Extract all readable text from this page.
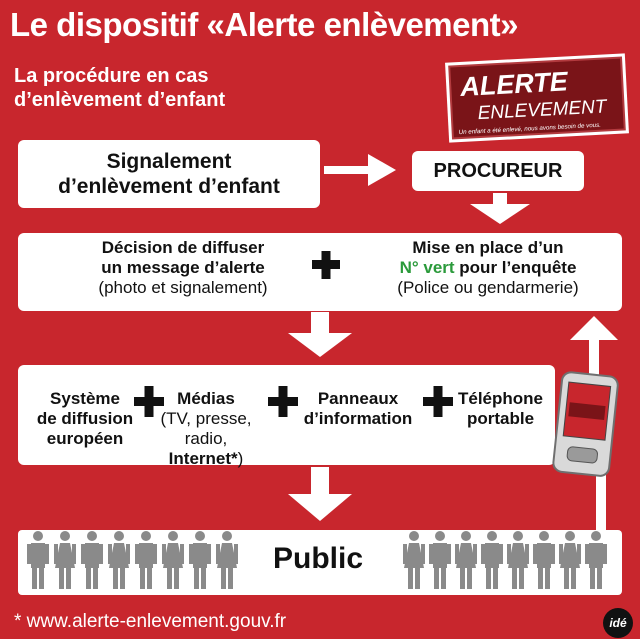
Le dispositif «Alerte enlèvement»
La procédure en cas
d’enlèvement d’enfant	ALERTE
ENLEVEMENT
Un enfant a été enlevé, nous avons besoin de vous.
Signalement
d’enlèvement d’enfant
PROCUREUR
Décision de diffuser
un message d’alerte
(photo et signalement)
Mise en place d’un
N° vert pour l’enquête
(Police ou gendarmerie)
Système
de diffusion
européen
Médias
(TV, presse,
radio, Internet*)
Panneaux
d’information
Téléphone
portable
Public
* www.alerte-enlevement.gouv.fr	idé
